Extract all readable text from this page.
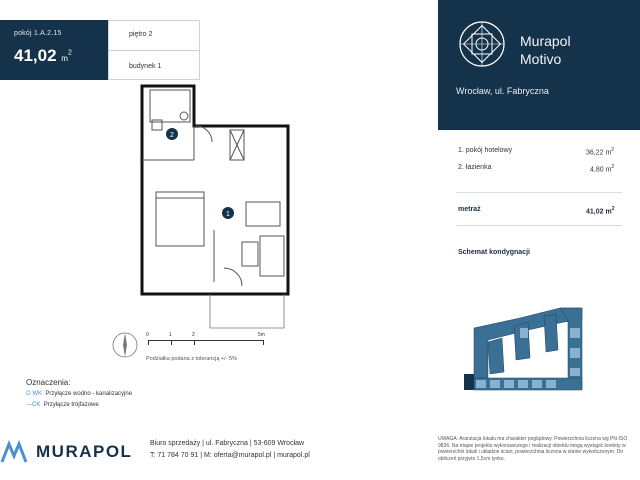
pokój 1.A.2.15
41,02 $m^2$
piętro 2
budynek 1
Murapol
Motivo
Wrocław, ul. Fabryczna
1. pokój hotelowy	36,22 $m^2$
2. łazienka	4,80 $m^2$
metraż	41,02 $m^2$
Schemat kondygnacji
2
1
0	1	2	5m
Podziałka podana z tolerancją +/- 5%
Oznaczenia:
O WK Przyłącze wodno - kanalizacyjne
—CK Przyłącze trójfazowe
MURAPOL	Biuro sprzedaży | ul. Fabryczna | 53-609 Wrocław
T: 71 784 70 91 | M: oferta@murapol.pl | murapol.pl
UWAGA: Aranżacja lokalu ma charakter poglądowy. Powierzchnia liczona wg PN-ISO 9836. Na etapie projektu wykonawczego i realizacji obiektu mogą wystąpić korekty w powierzchni lokali i układzie ścian, powierzchnia liczona w stanie wykończonym. Do obliczeń przyjęto 1,5cm tynku.
